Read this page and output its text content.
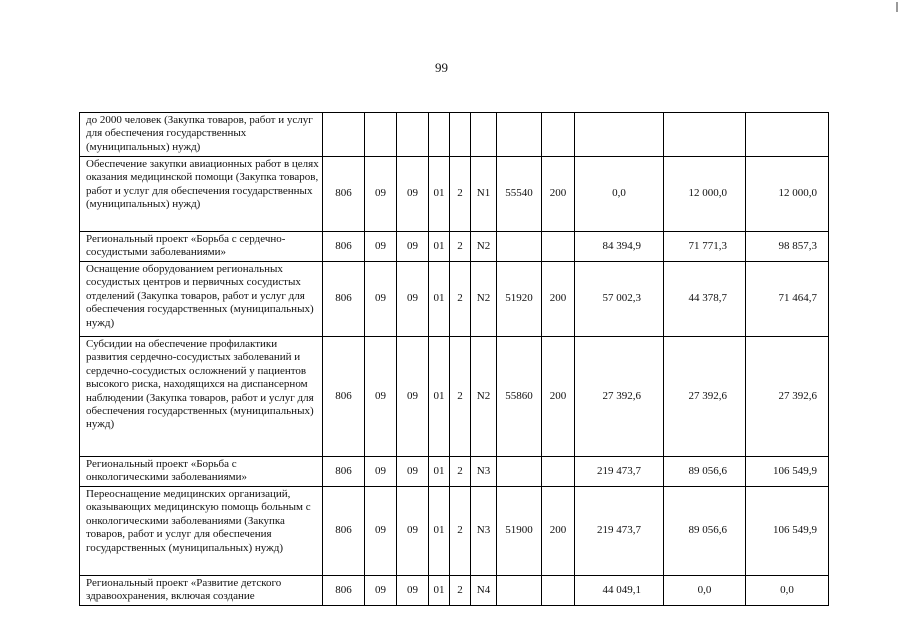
99
до 2000 человек (Закупка товаров, работ и услуг для обеспечения государственных (муниципальных) нужд)											
Обеспечение закупки авиационных работ в целях оказания медицинской помощи (Закупка товаров, работ и услуг для обеспечения государственных (муниципальных) нужд)	806	09	09	01	2	N1	55540	200	0,0	12 000,0	12 000,0
Региональный проект «Борьба с сердечно-сосудистыми заболеваниями»	806	09	09	01	2	N2			84 394,9	71 771,3	98 857,3
Оснащение оборудованием региональных сосудистых центров и первичных сосудистых отделений (Закупка товаров, работ и услуг для обеспечения государственных (муниципальных) нужд)	806	09	09	01	2	N2	51920	200	57 002,3	44 378,7	71 464,7
Субсидии на обеспечение профилактики развития сердечно-сосудистых заболеваний и сердечно-сосудистых осложнений у пациентов высокого риска, находящихся на диспансерном наблюдении (Закупка товаров, работ и услуг для обеспечения государственных (муниципальных) нужд)	806	09	09	01	2	N2	55860	200	27 392,6	27 392,6	27 392,6
Региональный проект «Борьба с онкологическими заболеваниями»	806	09	09	01	2	N3			219 473,7	89 056,6	106 549,9
Переоснащение медицинских организаций, оказывающих медицинскую помощь больным с онкологическими заболеваниями (Закупка товаров, работ и услуг для обеспечения государственных (муниципальных) нужд)	806	09	09	01	2	N3	51900	200	219 473,7	89 056,6	106 549,9
Региональный проект «Развитие детского здравоохранения, включая создание	806	09	09	01	2	N4			44 049,1	0,0	0,0
